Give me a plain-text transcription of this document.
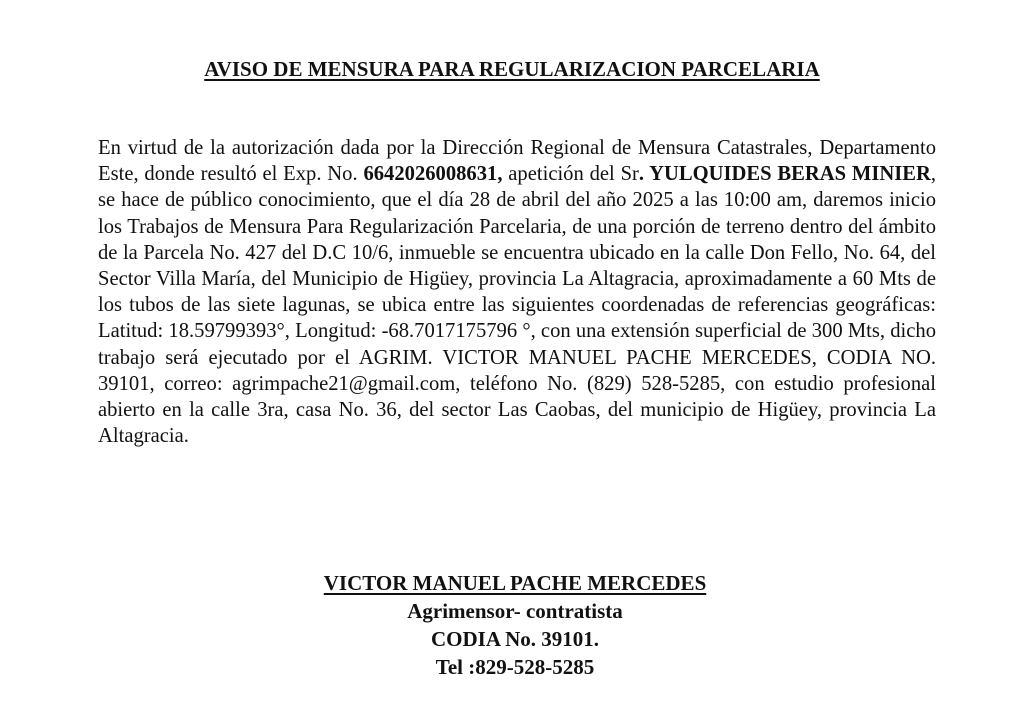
AVISO DE MENSURA PARA REGULARIZACION PARCELARIA

En virtud de la autorización dada por la Dirección Regional de Mensura Catastrales, Departamento Este, donde resultó el Exp. No. 6642026008631, apetición del Sr. YULQUIDES BERAS MINIER, se hace de público conocimiento, que el día 28 de abril del año 2025 a las 10:00 am, daremos inicio los Trabajos de Mensura Para Regularización Parcelaria, de una porción de terreno dentro del ámbito de la Parcela No. 427 del D.C 10/6, inmueble se encuentra ubicado en la calle Don Fello, No. 64, del Sector Villa María, del Municipio de Higüey, provincia La Altagracia, aproximadamente a 60 Mts de los tubos de las siete lagunas, se ubica entre las siguientes coordenadas de referencias geográficas: Latitud: 18.59799393°, Longitud: -68.7017175796 °, con una extensión superficial de 300 Mts, dicho trabajo será ejecutado por el AGRIM. VICTOR MANUEL PACHE MERCEDES, CODIA NO. 39101, correo: agrimpache21@gmail.com, teléfono No. (829) 528-5285, con estudio profesional abierto en la calle 3ra, casa No. 36, del sector Las Caobas, del municipio de Higüey, provincia La Altagracia.

VICTOR MANUEL PACHE MERCEDES
Agrimensor- contratista
CODIA No. 39101.
Tel :829-528-5285
